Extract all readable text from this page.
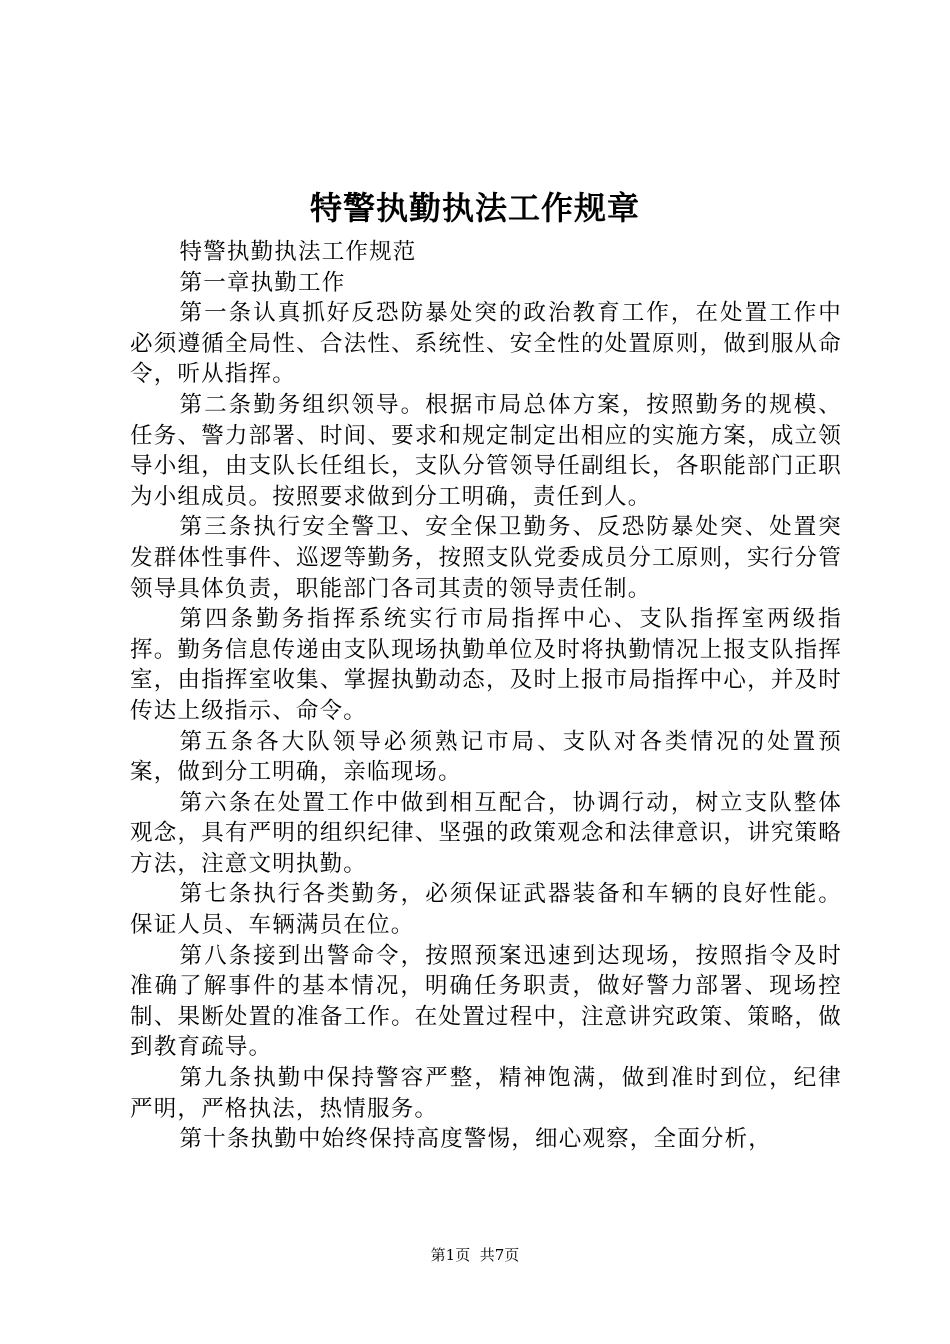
特警执勤执法工作规章

特警执勤执法工作规范

第一章执勤工作

第一条认真抓好反恐防暴处突的政治教育工作，在处置工作中必须遵循全局性、合法性、系统性、安全性的处置原则，做到服从命令，听从指挥。

第二条勤务组织领导。根据市局总体方案，按照勤务的规模、任务、警力部署、时间、要求和规定制定出相应的实施方案，成立领导小组，由支队长任组长，支队分管领导任副组长，各职能部门正职为小组成员。按照要求做到分工明确，责任到人。

第三条执行安全警卫、安全保卫勤务、反恐防暴处突、处置突发群体性事件、巡逻等勤务，按照支队党委成员分工原则，实行分管领导具体负责，职能部门各司其责的领导责任制。

第四条勤务指挥系统实行市局指挥中心、支队指挥室两级指挥。勤务信息传递由支队现场执勤单位及时将执勤情况上报支队指挥室，由指挥室收集、掌握执勤动态，及时上报市局指挥中心，并及时传达上级指示、命令。

第五条各大队领导必须熟记市局、支队对各类情况的处置预案，做到分工明确，亲临现场。

第六条在处置工作中做到相互配合，协调行动，树立支队整体观念，具有严明的组织纪律、坚强的政策观念和法律意识，讲究策略方法，注意文明执勤。

第七条执行各类勤务，必须保证武器装备和车辆的良好性能。保证人员、车辆满员在位。

第八条接到出警命令，按照预案迅速到达现场，按照指令及时准确了解事件的基本情况，明确任务职责，做好警力部署、现场控制、果断处置的准备工作。在处置过程中，注意讲究政策、策略，做到教育疏导。

第九条执勤中保持警容严整，精神饱满，做到准时到位，纪律严明，严格执法，热情服务。

第十条执勤中始终保持高度警惕，细心观察，全面分析，

第1页 共7页
